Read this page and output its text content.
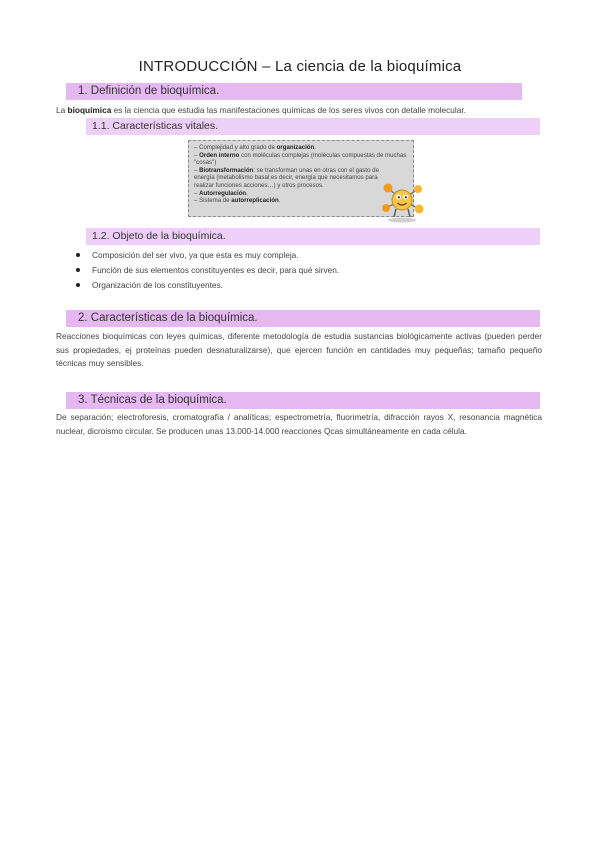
INTRODUCCIÓN – La ciencia de la bioquímica
1. Definición de bioquímica.
La bioquímica es la ciencia que estudia las manifestaciones químicas de los seres vivos con detalle molecular.
1.1. Características vitales.
– Complejidad y alto grado de organización.
– Orden interno con moléculas complejas (moléculas compuestas de muchas "cosas")
– Biotransformación: se transforman unas en otras con el gasto de energía (metabolismo basal es decir, energía que necesitamos para realizar funciones acciones…) y otros procesos.
– Autorregulación.
– Sistema de autorreplicación.
1.2. Objeto de la bioquímica.
Composición del ser vivo, ya que esta es muy compleja.
Función de sus elementos constituyentes es decir, para qué sirven.
Organización de los constituyentes.
2. Características de la bioquímica.
Reacciones bioquímicas con leyes químicas, diferente metodología de estudia sustancias biológicamente activas (pueden perder sus propiedades, ej proteínas pueden desnaturalizarse), que ejercen función en cantidades muy pequeñas; tamaño pequeño técnicas muy sensibles.
3. Técnicas de la bioquímica.
De separación; electroforesis, cromatografía / analíticas; espectrometría, fluorimetría, difracción rayos X, resonancia magnética nuclear, dicroismo circular. Se producen unas 13.000-14.000 reacciones Qcas simultáneamente en cada célula.
